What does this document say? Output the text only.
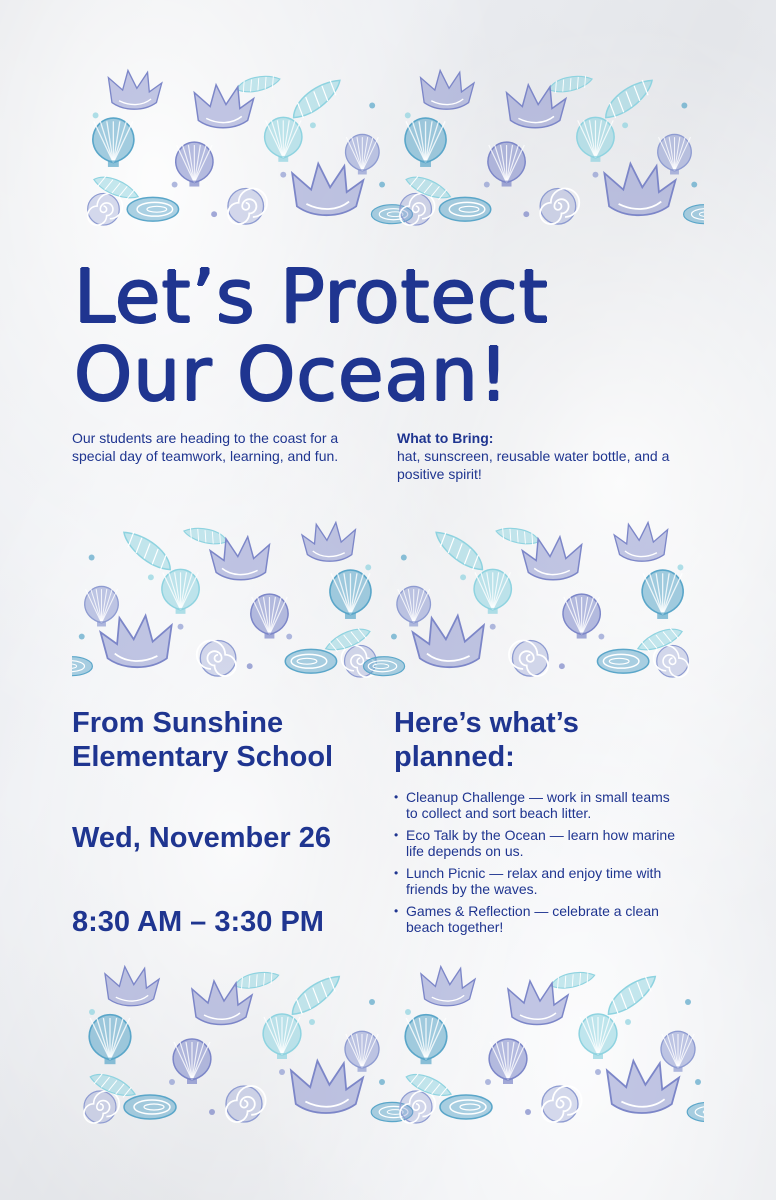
Let’s Protect
Our Ocean!
Our students are heading to the coast for a special day of teamwork, learning, and fun.
What to Bring:
hat, sunscreen, reusable water bottle, and a positive spirit!
From Sunshine
Elementary School
Wed, November 26
8:30 AM – 3:30 PM
Here’s what’s
planned:
• Cleanup Challenge — work in small teams to collect and sort beach litter.
• Eco Talk by the Ocean — learn how marine life depends on us.
• Lunch Picnic — relax and enjoy time with friends by the waves.
• Games & Reflection — celebrate a clean beach together!
